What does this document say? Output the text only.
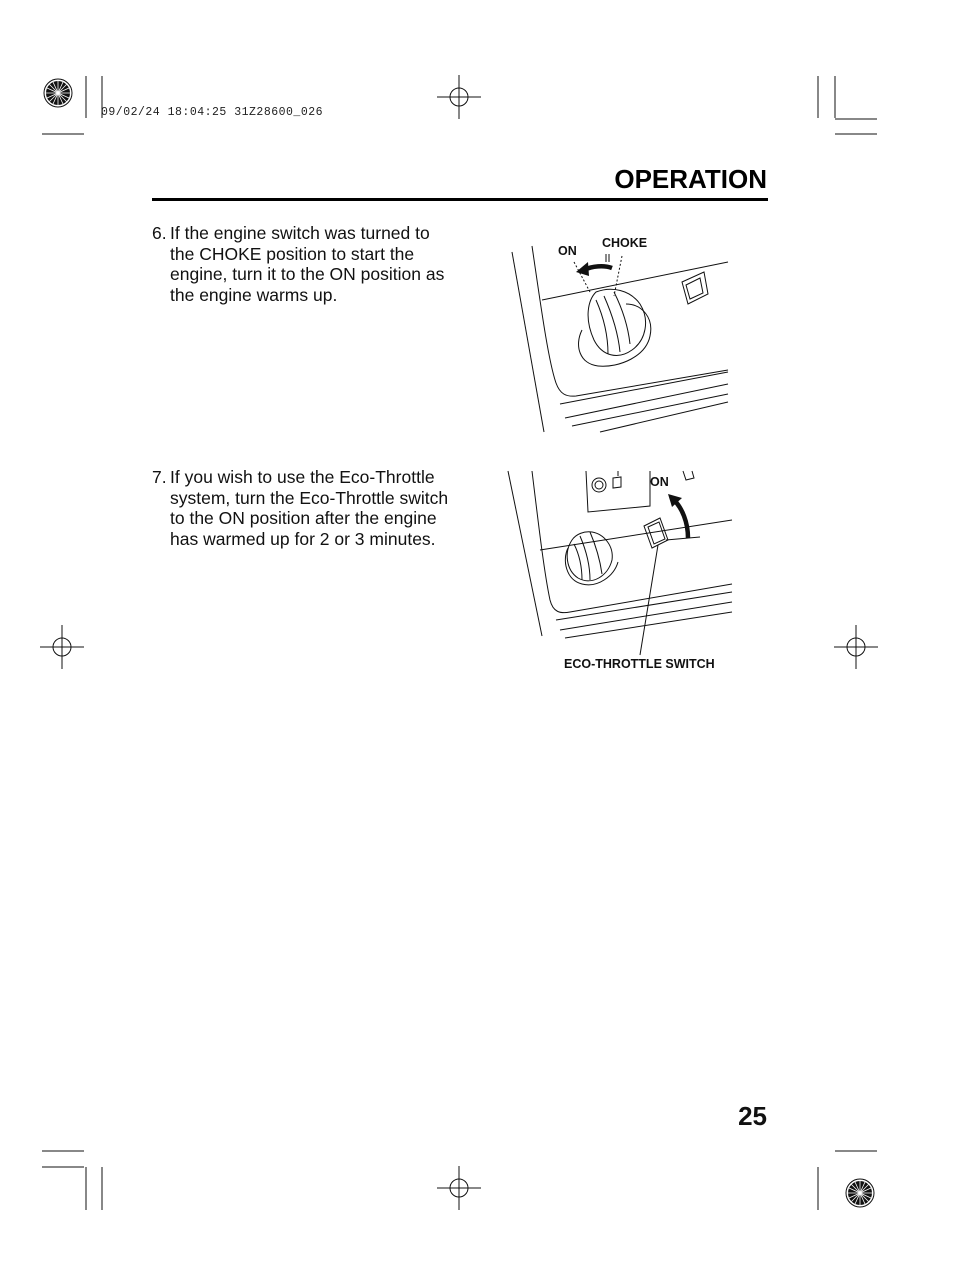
09/02/24 18:04:25 31Z28600_026
OPERATION
6. If the engine switch was turned to the CHOKE position to start the engine, turn it to the ON position as the engine warms up.
7. If you wish to use the Eco-Throttle system, turn the Eco-Throttle switch to the ON position after the engine has warmed up for 2 or 3 minutes.
ON
CHOKE
ON
ECO-THROTTLE SWITCH
25
